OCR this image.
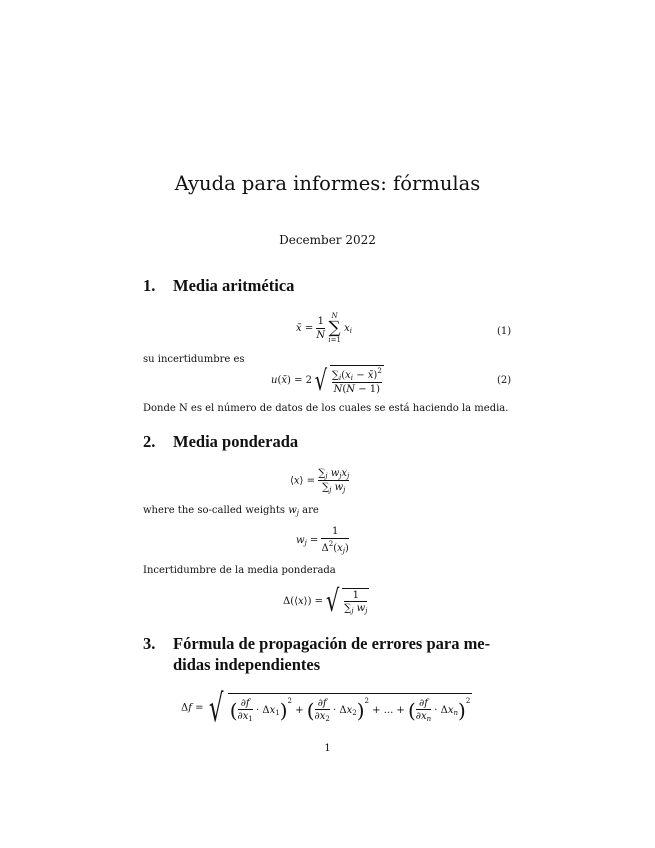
Ayuda para informes: fórmulas
December 2022
1. Media aritmética
x̄ = $\frac{1}{N}$
N
∑
i=1
$x_i$	(1)
su incertidumbre es
u(x̄) = $2√ \frac{\sum_i(x_i - x̄)^2}{N(N - 1)}$	(2)
Donde N es el número de datos de los cuales se está haciendo la media.
2. Media ponderada
⟨x⟩ = $\frac{\sum_j w_jx_j}{\sum_j w_j}$
where the so-called weights $w_j$ are
$w_j = \frac{1}{\Delta^2(x_j)}$
Incertidumbre de la media ponderada
Δ(⟨x⟩) =√ $\frac{1}{\sum_j w_j}$
3. Fórmula de propagación de errores para me-
didas independientes
Δf = √ ( $\frac{\partial f}{\partial x_1} \cdot \Delta x_1)^2$ + ( $\frac{\partial f}{\partial x_2} \cdot \Delta x_2)^2$ + ... + ( $\frac{\partial f}{\partial x_n} \cdot \Delta x_n)^2$
1
